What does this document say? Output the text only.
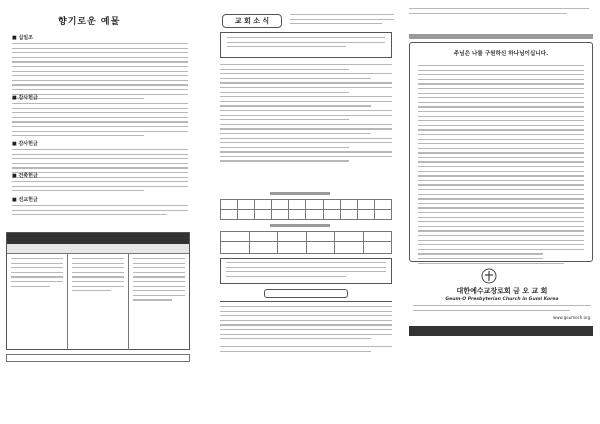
향기로운 예물
■ 십일조
■ 감사헌금
■ 감사헌금
■ 건축헌금
■ 선교헌금
교 회 소 식

주님은 나를 구원하신 하나님이십니다.
대한예수교장로회 금 오 교 회
Geum-O Presbyterian Church in Gumi Korea
www.geumoch.org
